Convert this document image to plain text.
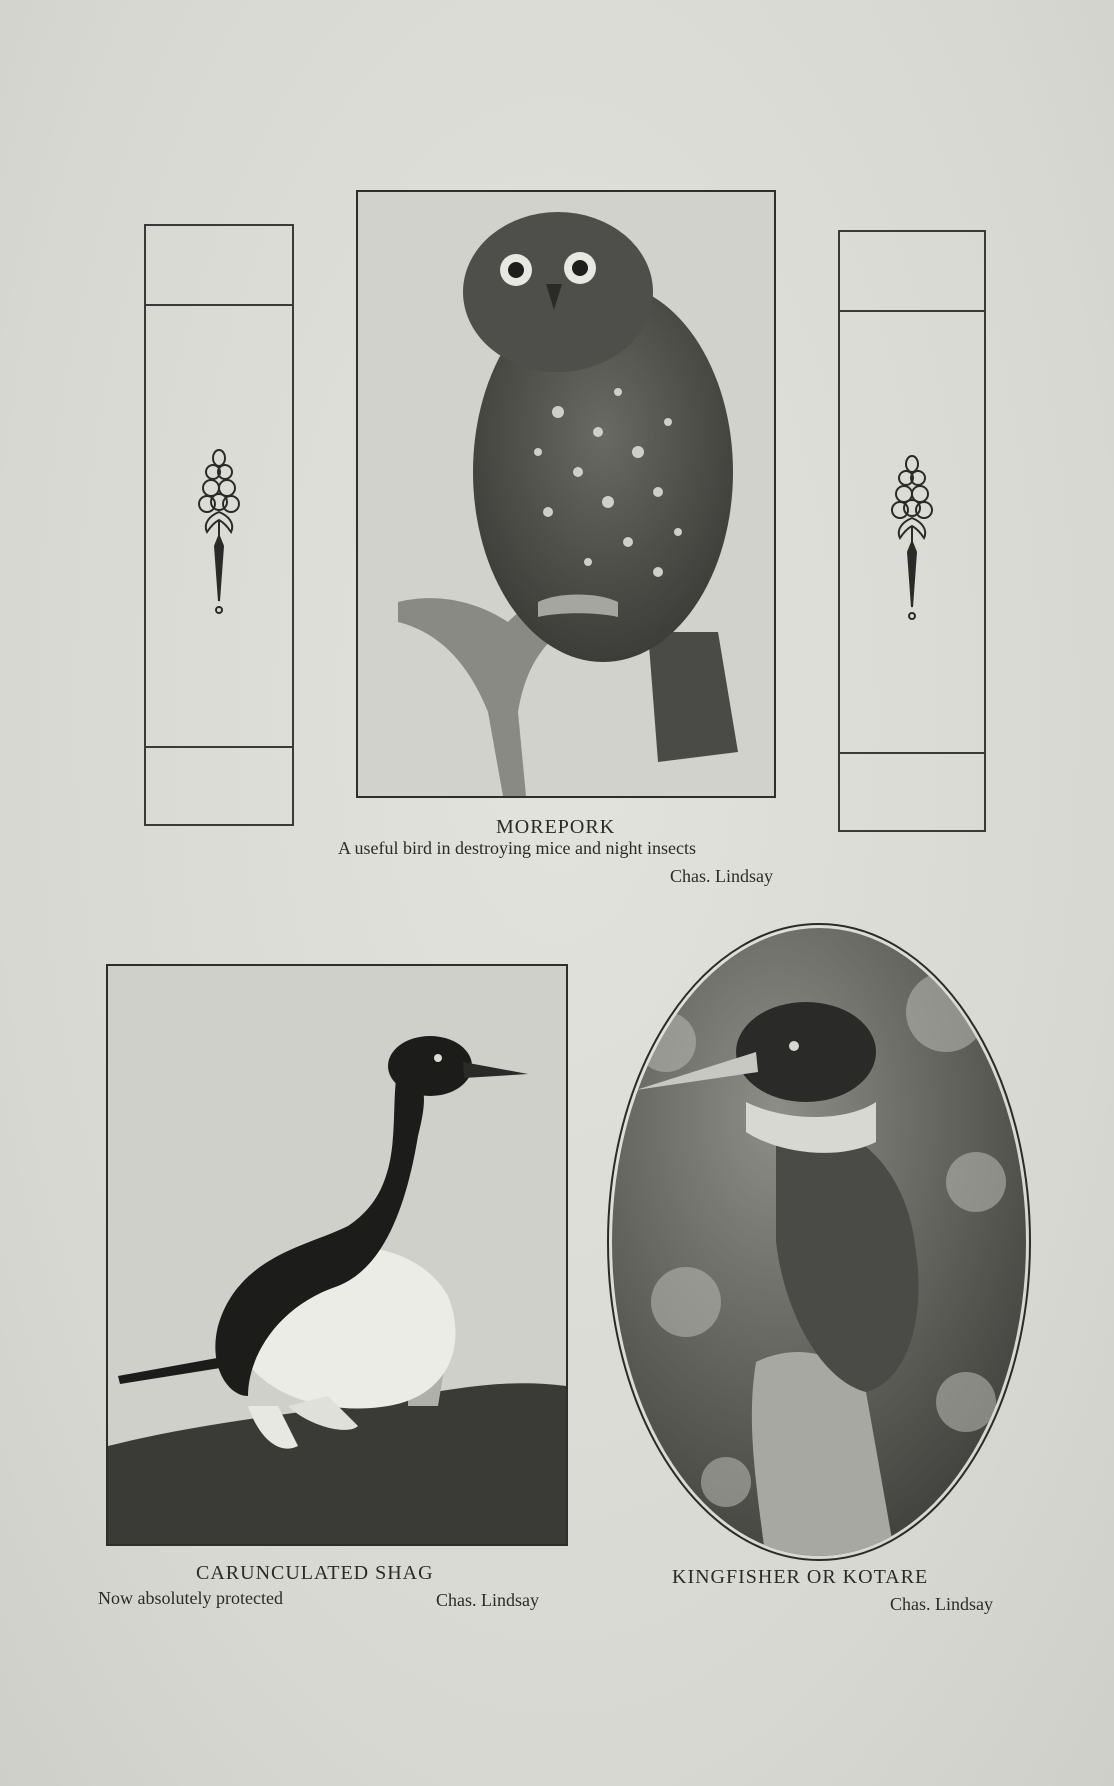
MOREPORK
A useful bird in destroying mice and night insects
Chas. Lindsay
CARUNCULATED SHAG
Now absolutely protected	Chas. Lindsay
KINGFISHER OR KOTARE
Chas. Lindsay
